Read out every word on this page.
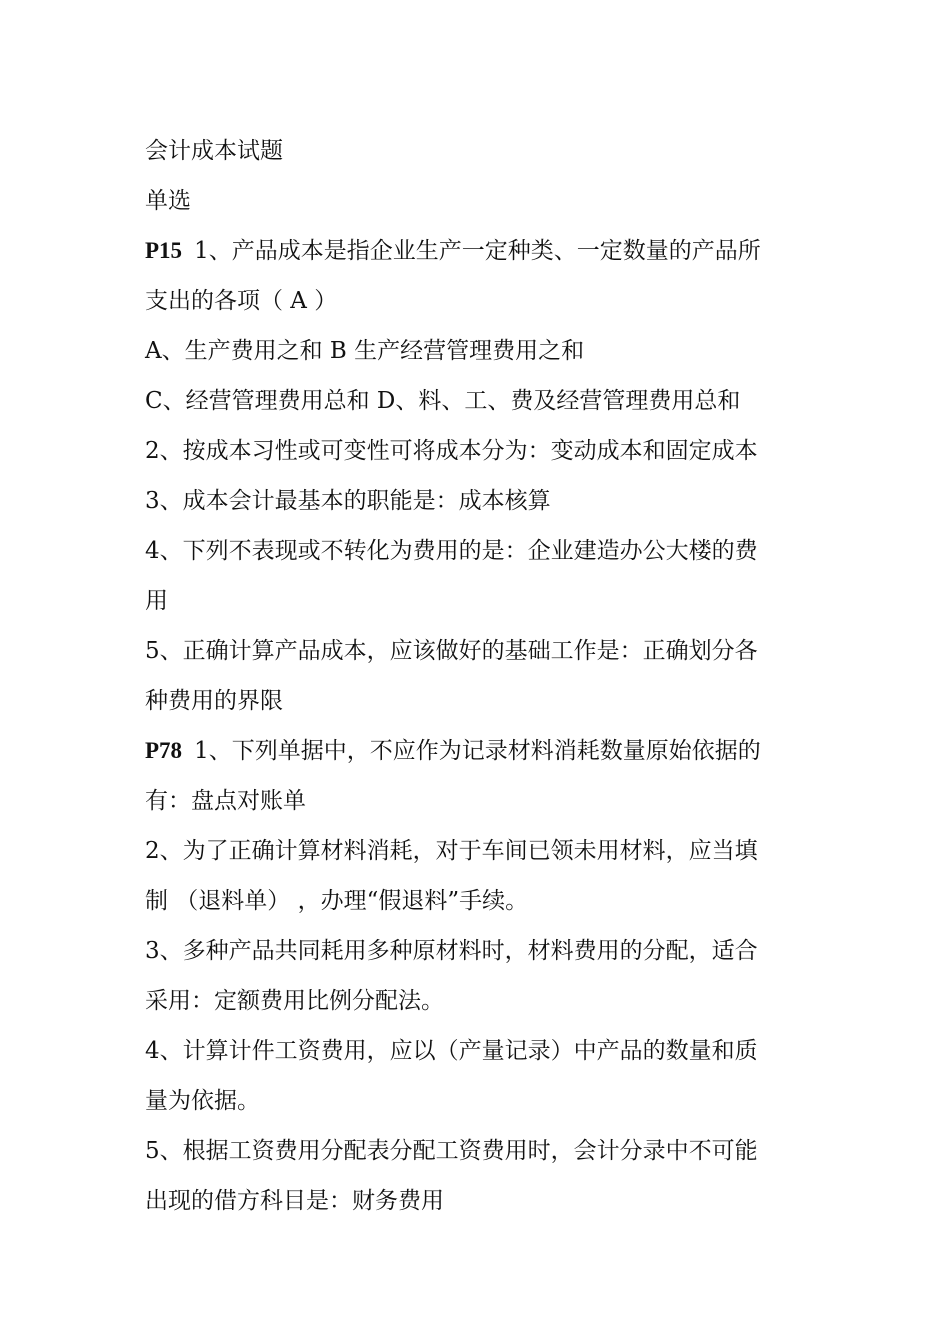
会计成本试题
单选
P15 1、产品成本是指企业生产一定种类、一定数量的产品所
支出的各项（ A ）
A、生产费用之和 B 生产经营管理费用之和
C、经营管理费用总和 D、料、工、费及经营管理费用总和
2、按成本习性或可变性可将成本分为：变动成本和固定成本
3、成本会计最基本的职能是：成本核算
4、下列不表现或不转化为费用的是：企业建造办公大楼的费
用
5、正确计算产品成本，应该做好的基础工作是：正确划分各
种费用的界限
P78 1、下列单据中，不应作为记录材料消耗数量原始依据的
有：盘点对账单
2、为了正确计算材料消耗，对于车间已领未用材料，应当填
制 （退料单） ，办理“假退料”手续。
3、多种产品共同耗用多种原材料时，材料费用的分配，适合
采用：定额费用比例分配法。
4、计算计件工资费用，应以（产量记录）中产品的数量和质
量为依据。
5、根据工资费用分配表分配工资费用时，会计分录中不可能
出现的借方科目是：财务费用
